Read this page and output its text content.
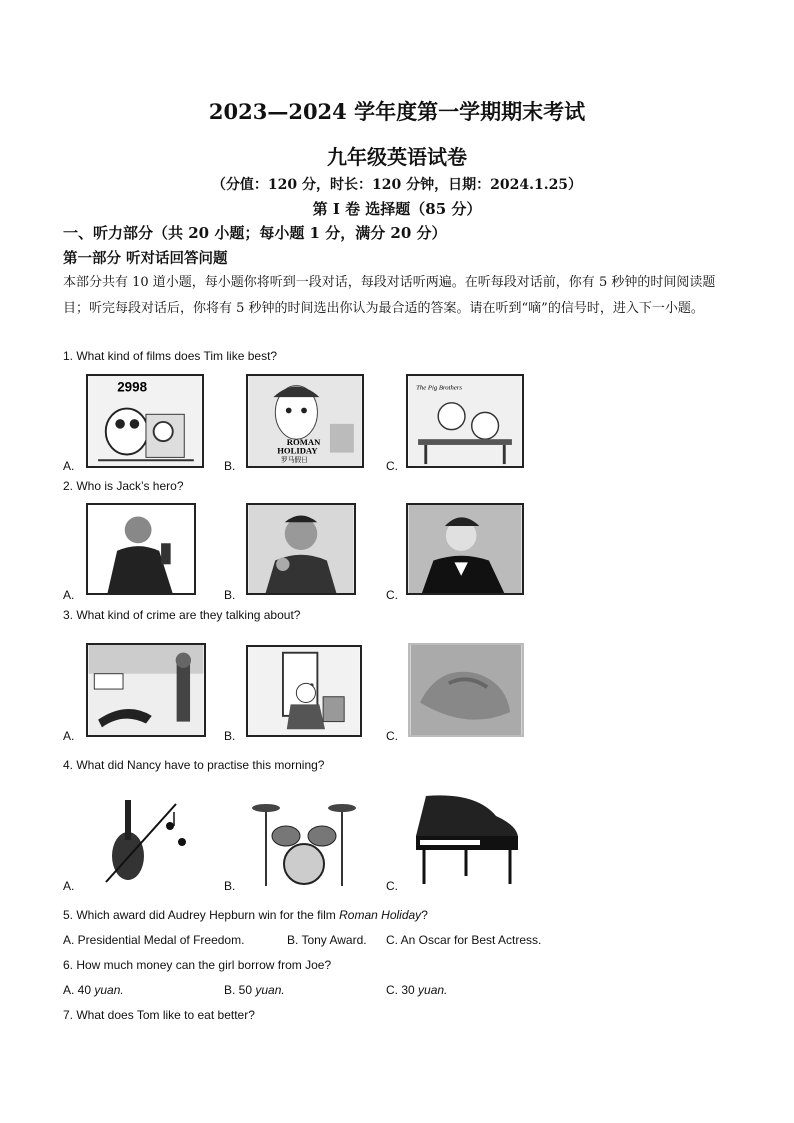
2023—2024 学年度第一学期期末考试
九年级英语试卷
（分值：120 分，时长：120 分钟，日期：2024.1.25）
第 I 卷 选择题（85 分）
一、听力部分（共 20 小题；每小题 1 分，满分 20 分）
第一部分 听对话回答问题
本部分共有 10 道小题，每小题你将听到一段对话，每段对话听两遍。在听每段对话前，你有 5 秒钟的时间阅读题目；听完每段对话后，你将有 5 秒钟的时间选出你认为最合适的答案。请在听到“嘀”的信号时，进入下一小题。
1. What kind of films does Tim like best?
2998
A.
ROMAN
HOLIDAY
罗马假日
B.
The Pig Brothers
C.
2. Who is Jack’s hero?
A.	B.	C.
3. What kind of crime are they talking about?
A.	B.	C.
4. What did Nancy have to practise this morning?
A.	B.	C.
5. Which award did Audrey Hepburn win for the film Roman Holiday?
A. Presidential Medal of Freedom.	B. Tony Award. C. An Oscar for Best Actress.
6. How much money can the girl borrow from Joe?
A. 40 yuan.	B. 50 yuan.	C. 30 yuan.
7. What does Tom like to eat better?
